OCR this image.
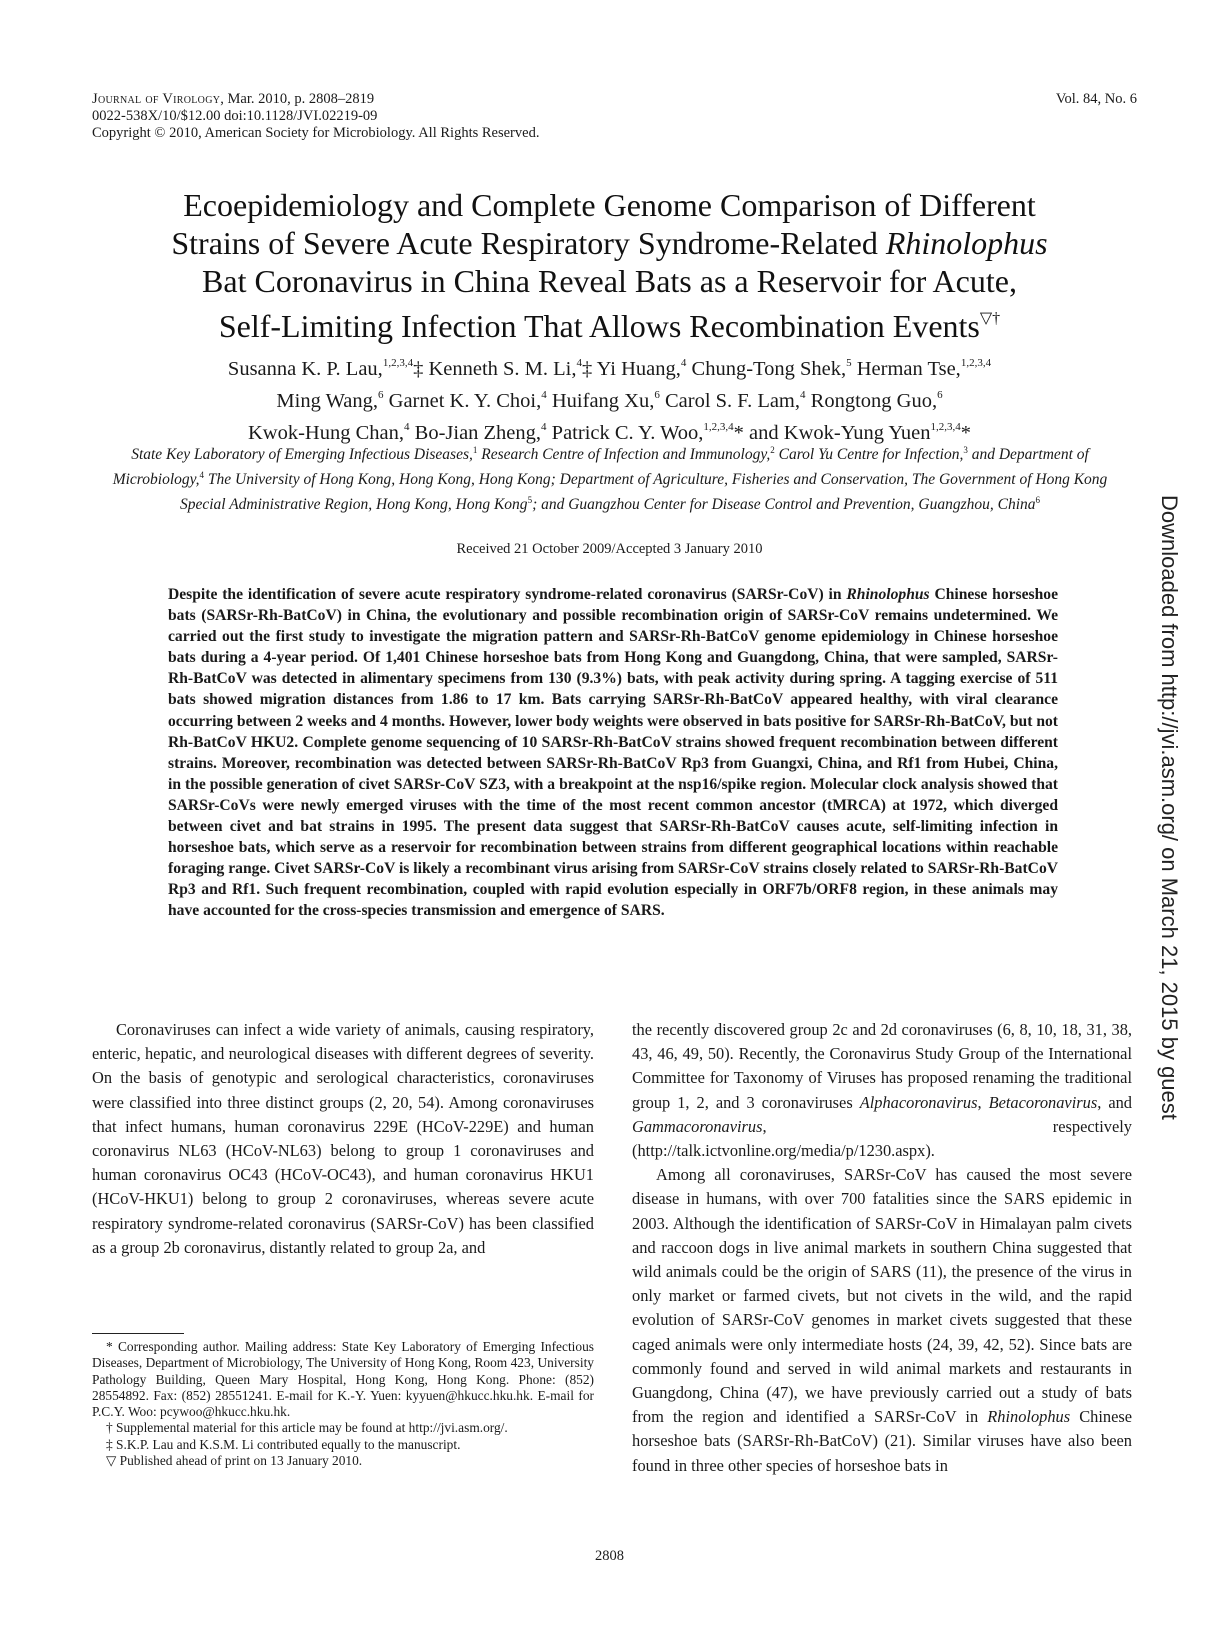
Journal of Virology, Mar. 2010, p. 2808–2819
0022-538X/10/$12.00 doi:10.1128/JVI.02219-09
Copyright © 2010, American Society for Microbiology. All Rights Reserved.
Vol. 84, No. 6
Ecoepidemiology and Complete Genome Comparison of Different
Strains of Severe Acute Respiratory Syndrome-Related Rhinolophus
Bat Coronavirus in China Reveal Bats as a Reservoir for Acute,
Self-Limiting Infection That Allows Recombination Events▽†
Susanna K. P. Lau,$^{1,2,3,4}$‡ Kenneth S. M. Li,$^4$‡ Yi Huang,$^4$ Chung-Tong Shek,$^5$ Herman Tse,$^{1,2,3,4}$
Ming Wang,$^6$ Garnet K. Y. Choi,$^4$ Huifang Xu,$^6$ Carol S. F. Lam,$^4$ Rongtong Guo,$^6$
Kwok-Hung Chan,$^4$ Bo-Jian Zheng,$^4$ Patrick C. Y. Woo,$^{1,2,3,4}$* and Kwok-Yung Yuen$^{1,2,3,4}$*
State Key Laboratory of Emerging Infectious Diseases,$^1$ Research Centre of Infection and Immunology,$^2$ Carol Yu Centre for Infection,$^3$ and Department of Microbiology,$^4$ The University of Hong Kong, Hong Kong, Hong Kong; Department of Agriculture, Fisheries and Conservation, The Government of Hong Kong Special Administrative Region, Hong Kong, Hong Kong$^5$; and Guangzhou Center for Disease Control and Prevention, Guangzhou, China$^6$
Received 21 October 2009/Accepted 3 January 2010
Despite the identification of severe acute respiratory syndrome-related coronavirus (SARSr-CoV) in Rhinolophus Chinese horseshoe bats (SARSr-Rh-BatCoV) in China, the evolutionary and possible recombination origin of SARSr-CoV remains undetermined. We carried out the first study to investigate the migration pattern and SARSr-Rh-BatCoV genome epidemiology in Chinese horseshoe bats during a 4-year period. Of 1,401 Chinese horseshoe bats from Hong Kong and Guangdong, China, that were sampled, SARSr-Rh-BatCoV was detected in alimentary specimens from 130 (9.3%) bats, with peak activity during spring. A tagging exercise of 511 bats showed migration distances from 1.86 to 17 km. Bats carrying SARSr-Rh-BatCoV appeared healthy, with viral clearance occurring between 2 weeks and 4 months. However, lower body weights were observed in bats positive for SARSr-Rh-BatCoV, but not Rh-BatCoV HKU2. Complete genome sequencing of 10 SARSr-Rh-BatCoV strains showed frequent recombination between different strains. Moreover, recombination was detected between SARSr-Rh-BatCoV Rp3 from Guangxi, China, and Rf1 from Hubei, China, in the possible generation of civet SARSr-CoV SZ3, with a breakpoint at the nsp16/spike region. Molecular clock analysis showed that SARSr-CoVs were newly emerged viruses with the time of the most recent common ancestor (tMRCA) at 1972, which diverged between civet and bat strains in 1995. The present data suggest that SARSr-Rh-BatCoV causes acute, self-limiting infection in horseshoe bats, which serve as a reservoir for recombination between strains from different geographical locations within reachable foraging range. Civet SARSr-CoV is likely a recombinant virus arising from SARSr-CoV strains closely related to SARSr-Rh-BatCoV Rp3 and Rf1. Such frequent recombination, coupled with rapid evolution especially in ORF7b/ORF8 region, in these animals may have accounted for the cross-species transmission and emergence of SARS.

Coronaviruses can infect a wide variety of animals, causing respiratory, enteric, hepatic, and neurological diseases with different degrees of severity. On the basis of genotypic and serological characteristics, coronaviruses were classified into three distinct groups (2, 20, 54). Among coronaviruses that infect humans, human coronavirus 229E (HCoV-229E) and human coronavirus NL63 (HCoV-NL63) belong to group 1 coronaviruses and human coronavirus OC43 (HCoV-OC43), and human coronavirus HKU1 (HCoV-HKU1) belong to group 2 coronaviruses, whereas severe acute respiratory syndrome-related coronavirus (SARSr-CoV) has been classified as a group 2b coronavirus, distantly related to group 2a, and

the recently discovered group 2c and 2d coronaviruses (6, 8, 10, 18, 31, 38, 43, 46, 49, 50). Recently, the Coronavirus Study Group of the International Committee for Taxonomy of Viruses has proposed renaming the traditional group 1, 2, and 3 coronaviruses Alphacoronavirus, Betacoronavirus, and Gammacoronavirus, respectively (http://talk.ictvonline.org/media/p/1230.aspx).

Among all coronaviruses, SARSr-CoV has caused the most severe disease in humans, with over 700 fatalities since the SARS epidemic in 2003. Although the identification of SARSr-CoV in Himalayan palm civets and raccoon dogs in live animal markets in southern China suggested that wild animals could be the origin of SARS (11), the presence of the virus in only market or farmed civets, but not civets in the wild, and the rapid evolution of SARSr-CoV genomes in market civets suggested that these caged animals were only intermediate hosts (24, 39, 42, 52). Since bats are commonly found and served in wild animal markets and restaurants in Guangdong, China (47), we have previously carried out a study of bats from the region and identified a SARSr-CoV in Rhinolophus Chinese horseshoe bats (SARSr-Rh-BatCoV) (21). Similar viruses have also been found in three other species of horseshoe bats in

* Corresponding author. Mailing address: State Key Laboratory of Emerging Infectious Diseases, Department of Microbiology, The University of Hong Kong, Room 423, University Pathology Building, Queen Mary Hospital, Hong Kong, Hong Kong. Phone: (852) 28554892. Fax: (852) 28551241. E-mail for K.-Y. Yuen: kyyuen@hkucc.hku.hk. E-mail for P.C.Y. Woo: pcywoo@hkucc.hku.hk.

† Supplemental material for this article may be found at http://jvi.asm.org/.

‡ S.K.P. Lau and K.S.M. Li contributed equally to the manuscript.

▽ Published ahead of print on 13 January 2010.

2808
Downloaded from http://jvi.asm.org/ on March 21, 2015 by guest
